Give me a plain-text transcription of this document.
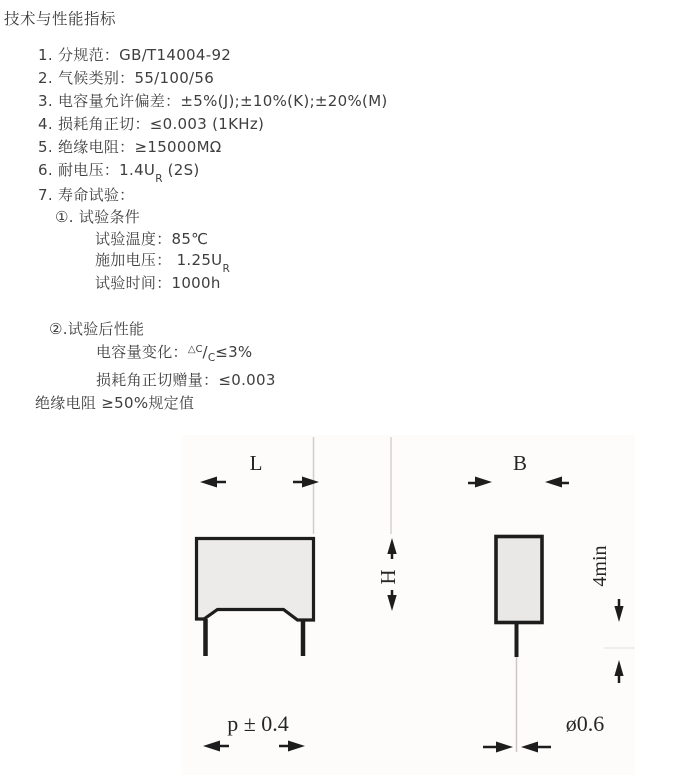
技术与性能指标
1. 分规范：GB/T14004-92
2. 气候类别：55/100/56
3. 电容量允许偏差：±5%(J);±10%(K);±20%(M)
4. 损耗角正切：≤0.003 (1KHz)
5. 绝缘电阻：≥15000MΩ
6. 耐电压：$1.4U_R$ (2S)
7. 寿命试验：
①. 试验条件
试验温度：85℃
施加电压： $1.25U_R$
试验时间：1000h
②.试验后性能
电容量变化：$^{\triangle C}/_C\le 3\%$
损耗角正切赠量：≤0.003
绝缘电阻 ≥50%规定值
L	B
H	4min
p ± 0.4	ø0.6
